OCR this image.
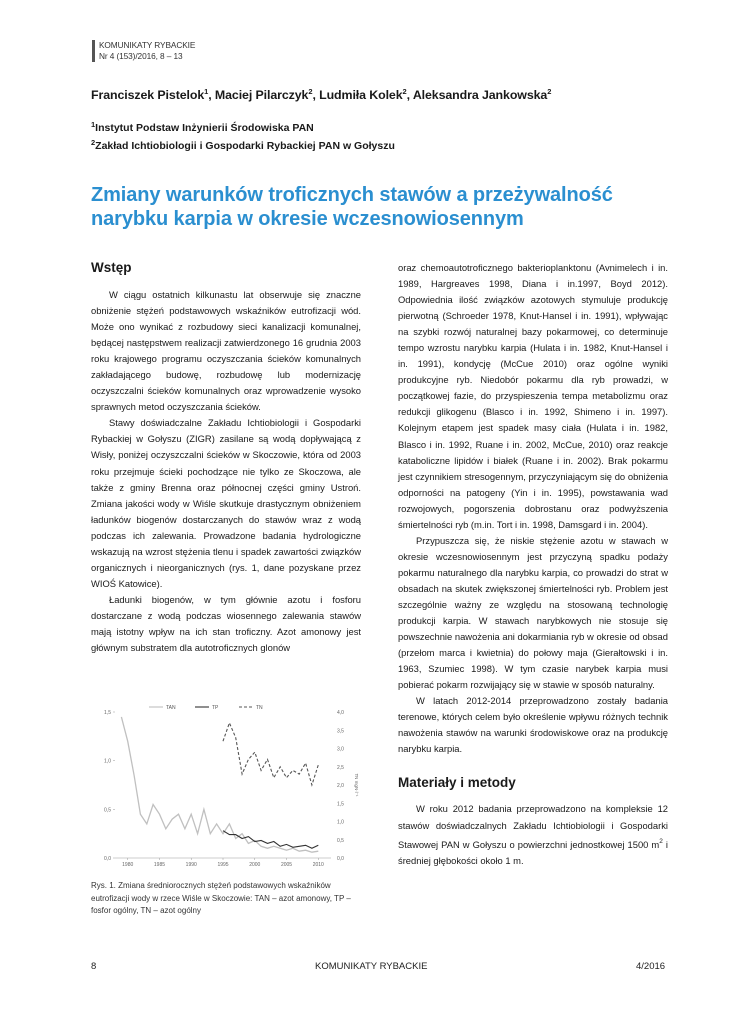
KOMUNIKATY RYBACKIE
Nr 4 (153)/2016, 8 – 13
Franciszek Pistelok$^1$, Maciej Pilarczyk$^2$, Ludmiła Kolek$^2$, Aleksandra Jankowska$^2$
$^1$Instytut Podstaw Inżynierii Środowiska PAN
$^2$Zakład Ichtiobiologii i Gospodarki Rybackiej PAN w Gołyszu
Zmiany warunków troficznych stawów a przeżywalność
narybku karpia w okresie wczesnowiosennym
Wstęp

W ciągu ostatnich kilkunastu lat obserwuje się znaczne obniżenie stężeń podstawowych wskaźników eutrofizacji wód. Może ono wynikać z rozbudowy sieci kanalizacji komunalnej, będącej następstwem realizacji zatwierdzonego 16 grudnia 2003 roku krajowego programu oczyszczania ścieków komunalnych zakładającego budowę, rozbudowę lub modernizację oczyszczalni ścieków komunalnych oraz wprowadzenie wysoko sprawnych metod oczyszczania ścieków.

Stawy doświadczalne Zakładu Ichtiobiologii i Gospodarki Rybackiej w Gołyszu (ZIGR) zasilane są wodą dopływającą z Wisły, poniżej oczyszczalni ścieków w Skoczowie, która od 2003 roku przejmuje ścieki pochodzące nie tylko ze Skoczowa, ale także z gminy Brenna oraz północnej części gminy Ustroń. Zmiana jakości wody w Wiśle skutkuje drastycznym obniżeniem ładunków biogenów dostarczanych do stawów wraz z wodą podczas ich zalewania. Prowadzone badania hydrologiczne wskazują na wzrost stężenia tlenu i spadek zawartości związków organicznych i nieorganicznych (rys. 1, dane pozyskane przez WIOŚ Katowice).

Ładunki biogenów, w tym głównie azotu i fosforu dostarczane z wodą podczas wiosennego zalewania stawów mają istotny wpływ na ich stan troficzny. Azot amonowy jest głównym substratem dla autotroficznych glonów

0,0
0,5
1,0
1,5
0,0
0,5
1,0
1,5
2,0
2,5
3,0
3,5
4,0
TN mgN·l⁻¹
1980	1985	1990	1995	2000	2005	2010
TAN	TP	TN
Rys. 1. Zmiana średniorocznych stężeń podstawowych wskaźników eutrofizacji wody w rzece Wiśle w Skoczowie: TAN – azot amonowy, TP – fosfor ogólny, TN – azot ogólny

oraz chemoautotroficznego bakterioplanktonu (Avnimelech i in. 1989, Hargreaves 1998, Diana i in.1997, Boyd 2012). Odpowiednia ilość związków azotowych stymuluje produkcję pierwotną (Schroeder 1978, Knut-Hansel i in. 1991), wpływając na szybki rozwój naturalnej bazy pokarmowej, co determinuje tempo wzrostu narybku karpia (Hulata i in. 1982, Knut-Hansel i in. 1991), kondycję (McCue 2010) oraz ogólne wyniki produkcyjne ryb. Niedobór pokarmu dla ryb prowadzi, w początkowej fazie, do przyspieszenia tempa metabolizmu oraz redukcji glikogenu (Blasco i in. 1992, Shimeno i in. 1997). Kolejnym etapem jest spadek masy ciała (Hulata i in. 1982, Blasco i in. 1992, Ruane i in. 2002, McCue, 2010) oraz reakcje kataboliczne lipidów i białek (Ruane i in. 2002). Brak pokarmu jest czynnikiem stresogennym, przyczyniającym się do obniżenia odporności na patogeny (Yin i in. 1995), powstawania wad rozwojowych, pogorszenia dobrostanu oraz podwyższenia śmiertelności ryb (m.in. Tort i in. 1998, Damsgard i in. 2004).

Przypuszcza się, że niskie stężenie azotu w stawach w okresie wczesnowiosennym jest przyczyną spadku podaży pokarmu naturalnego dla narybku karpia, co prowadzi do strat w obsadach na skutek zwiększonej śmiertelności ryb. Problem jest szczególnie ważny ze względu na stosowaną technologię produkcji karpia. W stawach narybkowych nie stosuje się powszechnie nawożenia ani dokarmiania ryb w okresie od obsad (przełom marca i kwietnia) do połowy maja (Gierałtowski i in. 1963, Szumiec 1998). W tym czasie narybek karpia musi pobierać pokarm rozwijający się w stawie w sposób naturalny.

W latach 2012-2014 przeprowadzono zostały badania terenowe, których celem było określenie wpływu różnych technik nawożenia stawów na warunki środowiskowe oraz na produkcję narybku karpia.

Materiały i metody

W roku 2012 badania przeprowadzono na kompleksie 12 stawów doświadczalnych Zakładu Ichtiobiologii i Gospodarki Stawowej PAN w Gołyszu o powierzchni jednostkowej 1500 $m^2$ i średniej głębokości około 1 m.

8	KOMUNIKATY RYBACKIE	4/2016
